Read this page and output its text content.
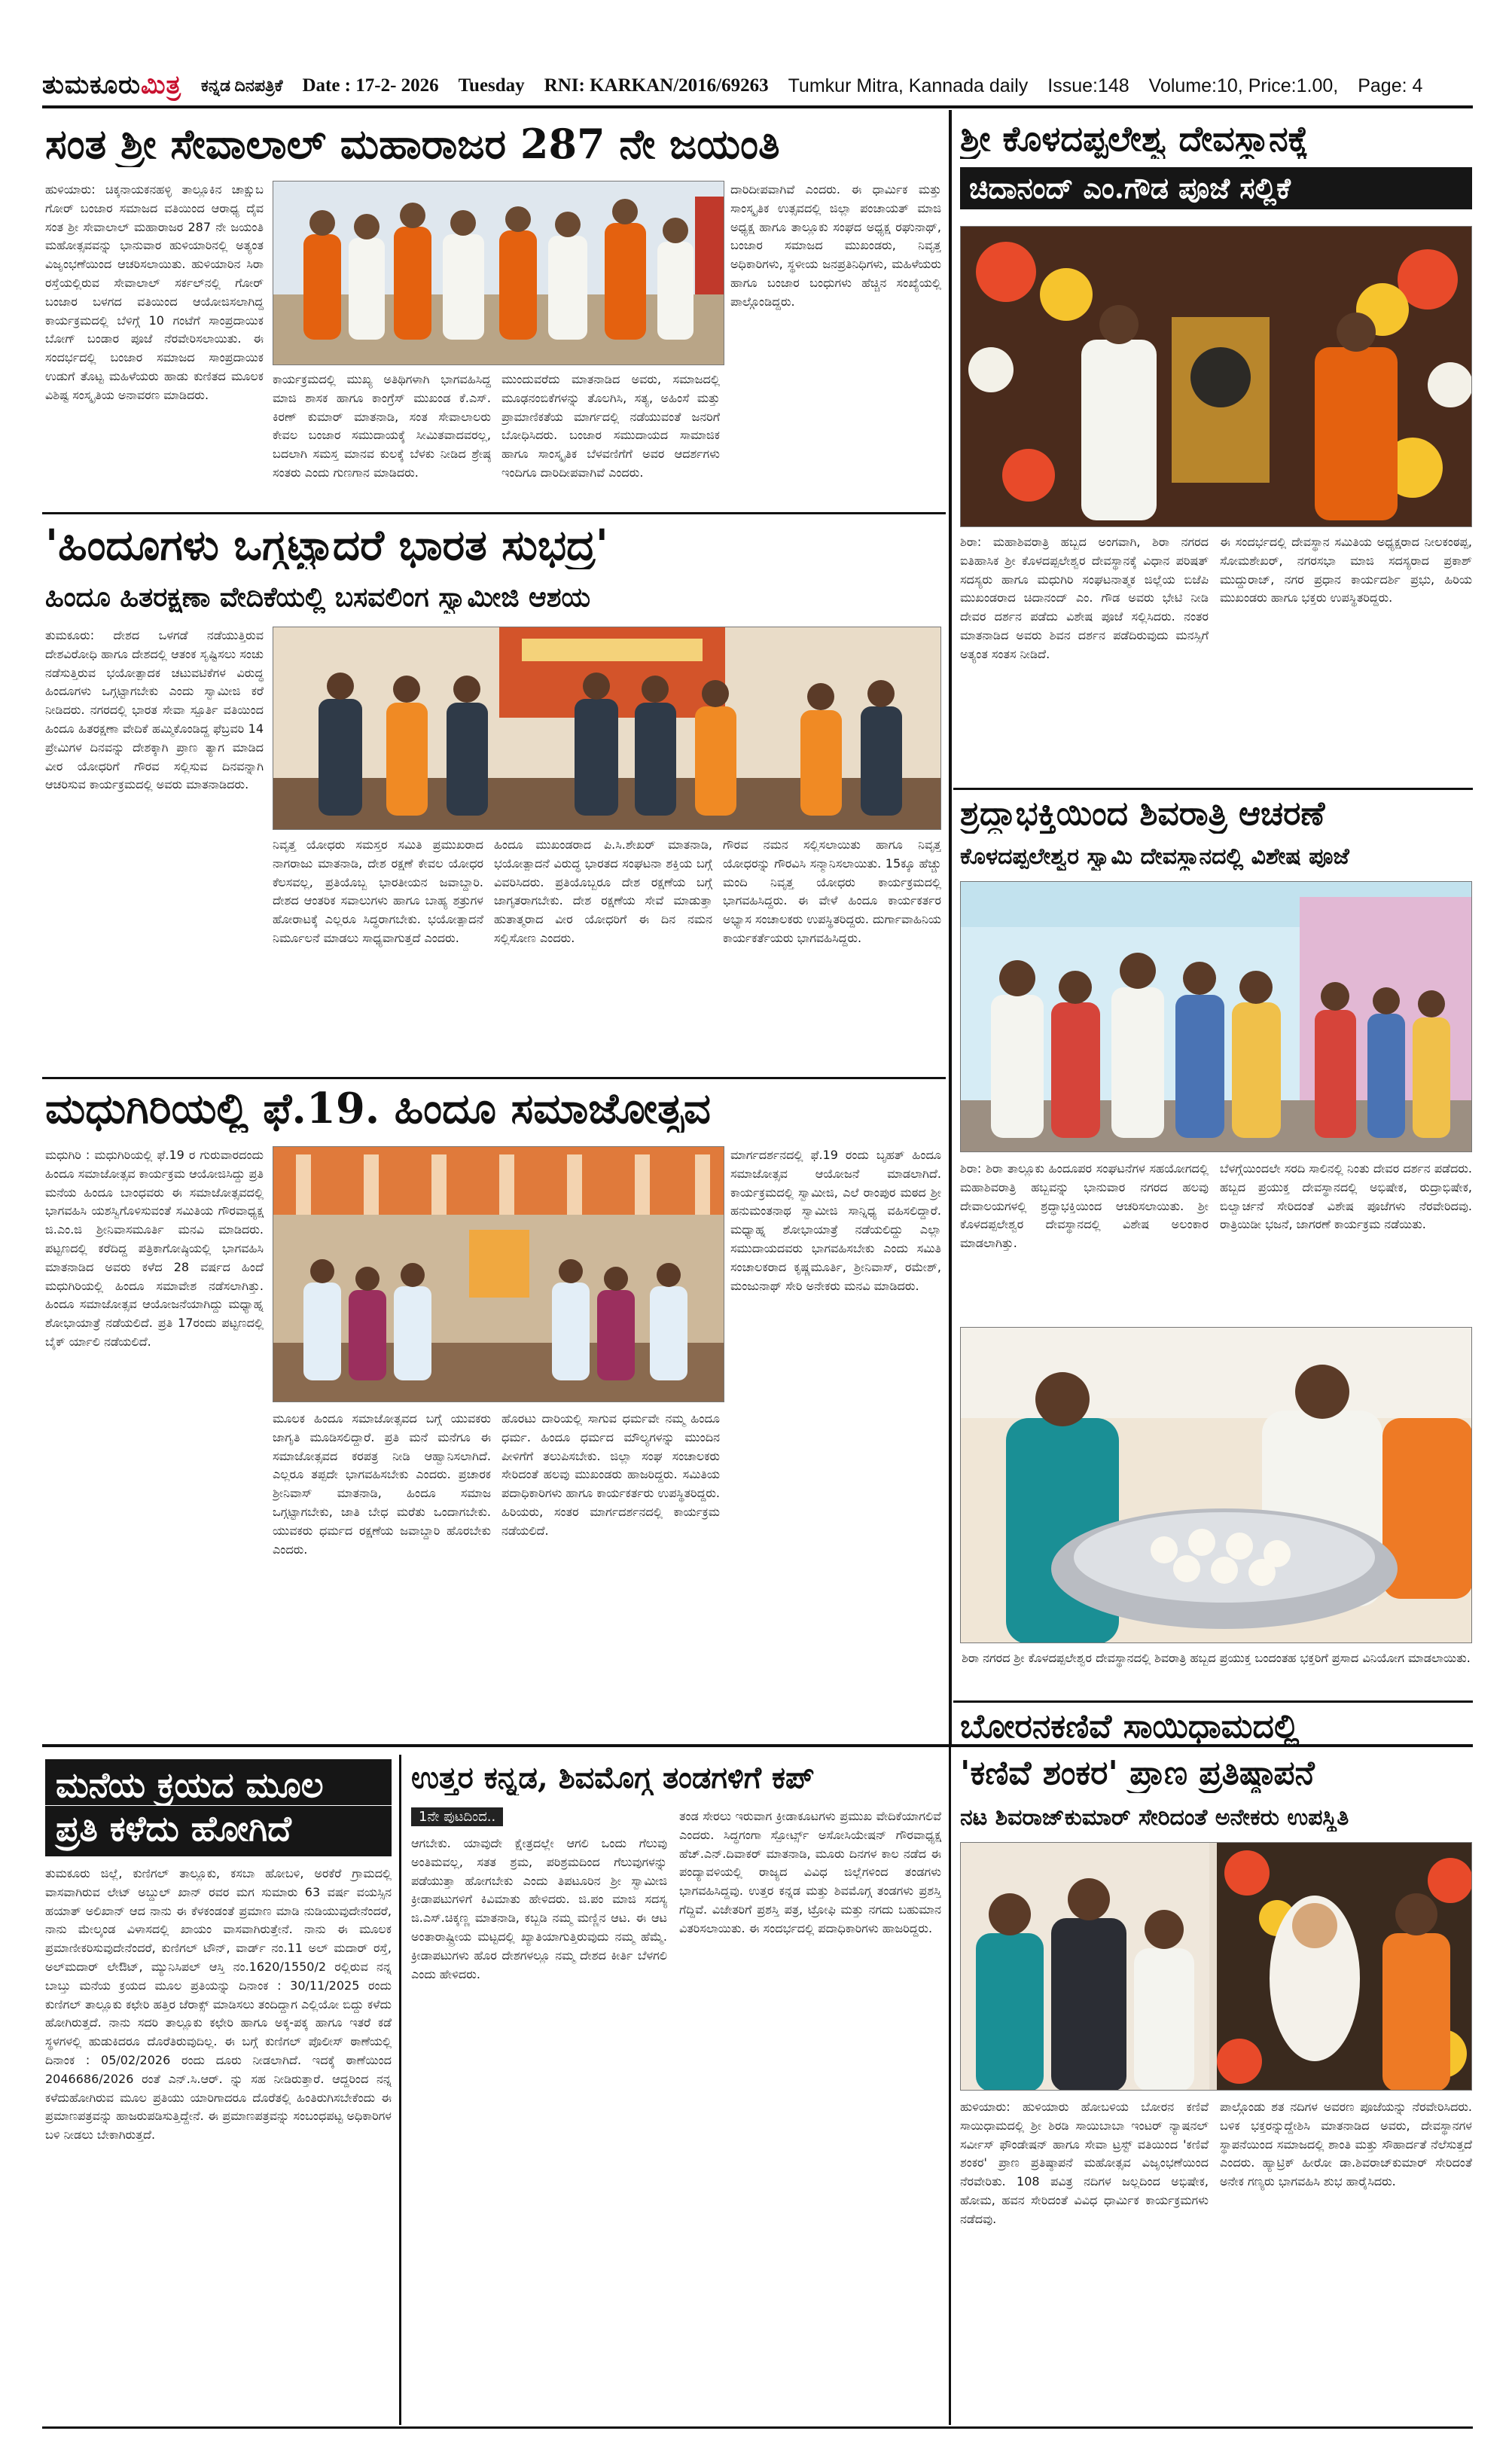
ತುಮಕೂರುಮಿತ್ರ ಕನ್ನಡ ದಿನಪತ್ರಿಕೆ Date : 17-2- 2026 Tuesday RNI: KARKAN/2016/69263 Tumkur Mitra, Kannada daily Issue:148 Volume:10, Price:1.00, Page: 4
ಸಂತ ಶ್ರೀ ಸೇವಾಲಾಲ್ ಮಹಾರಾಜರ 287 ನೇ ಜಯಂತಿ
ಹುಳಿಯಾರು: ಚಿಕ್ಕನಾಯಕನಹಳ್ಳಿ ತಾಲ್ಲೂಕಿನ ಚಾಕ್ಷುಬ ಗೋರ್ ಬಂಜಾರ ಸಮಾಜದ ವತಿಯಿಂದ ಆರಾಧ್ಯ ದೈವ ಸಂತ ಶ್ರೀ ಸೇವಾಲಾಲ್ ಮಹಾರಾಜರ 287 ನೇ ಜಯಂತಿ ಮಹೋತ್ಸವವನ್ನು ಭಾನುವಾರ ಹುಳಿಯಾರಿನಲ್ಲಿ ಅತ್ಯಂತ ವಿಜೃಂಭಣೆಯಿಂದ ಆಚರಿಸಲಾಯಿತು. ಹುಳಿಯಾರಿನ ಸಿರಾ ರಸ್ತೆಯಲ್ಲಿರುವ ಸೇವಾಲಾಲ್ ಸರ್ಕಲ್‌ನಲ್ಲಿ ಗೋರ್ ಬಂಜಾರ ಬಳಗದ ವತಿಯಿಂದ ಆಯೋಜಿಸಲಾಗಿದ್ದ ಕಾರ್ಯಕ್ರಮದಲ್ಲಿ ಬೆಳಿಗ್ಗೆ 10 ಗಂಟೆಗೆ ಸಾಂಪ್ರದಾಯಿಕ ಬೋಗ್ ಬಂಡಾರ ಪೂಜೆ ನೆರವೇರಿಸಲಾಯಿತು. ಈ ಸಂದರ್ಭದಲ್ಲಿ ಬಂಜಾರ ಸಮಾಜದ ಸಾಂಪ್ರದಾಯಿಕ ಉಡುಗೆ ತೊಟ್ಟ ಮಹಿಳೆಯರು ಹಾಡು ಕುಣಿತದ ಮೂಲಕ ವಿಶಿಷ್ಟ ಸಂಸ್ಕೃತಿಯ ಅನಾವರಣ ಮಾಡಿದರು.
ಕಾರ್ಯಕ್ರಮದಲ್ಲಿ ಮುಖ್ಯ ಅತಿಥಿಗಳಾಗಿ ಭಾಗವಹಿಸಿದ್ದ ಮಾಜಿ ಶಾಸಕ ಹಾಗೂ ಕಾಂಗ್ರೆಸ್ ಮುಖಂಡ ಕೆ.ಎಸ್. ಕಿರಣ್ ಕುಮಾರ್ ಮಾತನಾಡಿ, ಸಂತ ಸೇವಾಲಾಲರು ಕೇವಲ ಬಂಜಾರ ಸಮುದಾಯಕ್ಕೆ ಸೀಮಿತವಾದವರಲ್ಲ, ಬದಲಾಗಿ ಸಮಸ್ತ ಮಾನವ ಕುಲಕ್ಕೆ ಬೆಳಕು ನೀಡಿದ ಶ್ರೇಷ್ಠ ಸಂತರು ಎಂದು ಗುಣಗಾನ ಮಾಡಿದರು.
ಮುಂದುವರೆದು ಮಾತನಾಡಿದ ಅವರು, ಸಮಾಜದಲ್ಲಿ ಮೂಢನಂಬಿಕೆಗಳನ್ನು ತೊಲಗಿಸಿ, ಸತ್ಯ, ಅಹಿಂಸೆ ಮತ್ತು ಪ್ರಾಮಾಣಿಕತೆಯ ಮಾರ್ಗದಲ್ಲಿ ನಡೆಯುವಂತೆ ಜನರಿಗೆ ಬೋಧಿಸಿದರು. ಬಂಜಾರ ಸಮುದಾಯದ ಸಾಮಾಜಿಕ ಹಾಗೂ ಸಾಂಸ್ಕೃತಿಕ ಬೆಳವಣಿಗೆಗೆ ಅವರ ಆದರ್ಶಗಳು ಇಂದಿಗೂ ದಾರಿದೀಪವಾಗಿವೆ ಎಂದರು.
ದಾರಿದೀಪವಾಗಿವೆ ಎಂದರು. ಈ ಧಾರ್ಮಿಕ ಮತ್ತು ಸಾಂಸ್ಕೃತಿಕ ಉತ್ಸವದಲ್ಲಿ ಜಿಲ್ಲಾ ಪಂಚಾಯತ್ ಮಾಜಿ ಅಧ್ಯಕ್ಷ ಹಾಗೂ ತಾಲ್ಲೂಕು ಸಂಘದ ಅಧ್ಯಕ್ಷ ರಘುನಾಥ್, ಬಂಜಾರ ಸಮಾಜದ ಮುಖಂಡರು, ನಿವೃತ್ತ ಅಧಿಕಾರಿಗಳು, ಸ್ಥಳೀಯ ಜನಪ್ರತಿನಿಧಿಗಳು, ಮಹಿಳೆಯರು ಹಾಗೂ ಬಂಜಾರ ಬಂಧುಗಳು ಹೆಚ್ಚಿನ ಸಂಖ್ಯೆಯಲ್ಲಿ ಪಾಲ್ಗೊಂಡಿದ್ದರು.
'ಹಿಂದೂಗಳು ಒಗ್ಗಟ್ಟಾದರೆ ಭಾರತ ಸುಭದ್ರ'
ಹಿಂದೂ ಹಿತರಕ್ಷಣಾ ವೇದಿಕೆಯಲ್ಲಿ ಬಸವಲಿಂಗ ಸ್ವಾಮೀಜಿ ಆಶಯ
ತುಮಕೂರು: ದೇಶದ ಒಳಗಡೆ ನಡೆಯುತ್ತಿರುವ ದೇಶವಿರೋಧಿ ಹಾಗೂ ದೇಶದಲ್ಲಿ ಆತಂಕ ಸೃಷ್ಟಿಸಲು ಸಂಚು ನಡೆಸುತ್ತಿರುವ ಭಯೋತ್ಪಾದಕ ಚಟುವಟಿಕೆಗಳ ವಿರುದ್ಧ ಹಿಂದೂಗಳು ಒಗ್ಗಟ್ಟಾಗಬೇಕು ಎಂದು ಸ್ವಾಮೀಜಿ ಕರೆ ನೀಡಿದರು. ನಗರದಲ್ಲಿ ಭಾರತ ಸೇವಾ ಸ್ಪೂರ್ತಿ ವತಿಯಿಂದ ಹಿಂದೂ ಹಿತರಕ್ಷಣಾ ವೇದಿಕೆ ಹಮ್ಮಿಕೊಂಡಿದ್ದ ಫೆಬ್ರವರಿ 14 ಪ್ರೇಮಿಗಳ ದಿನವನ್ನು ದೇಶಕ್ಕಾಗಿ ಪ್ರಾಣ ತ್ಯಾಗ ಮಾಡಿದ ವೀರ ಯೋಧರಿಗೆ ಗೌರವ ಸಲ್ಲಿಸುವ ದಿನವನ್ನಾಗಿ ಆಚರಿಸುವ ಕಾರ್ಯಕ್ರಮದಲ್ಲಿ ಅವರು ಮಾತನಾಡಿದರು.
ನಿವೃತ್ತ ಯೋಧರು ಸಮಸ್ತರ ಸಮಿತಿ ಪ್ರಮುಖರಾದ ನಾಗರಾಜು ಮಾತನಾಡಿ, ದೇಶ ರಕ್ಷಣೆ ಕೇವಲ ಯೋಧರ ಕೆಲಸವಲ್ಲ, ಪ್ರತಿಯೊಬ್ಬ ಭಾರತೀಯನ ಜವಾಬ್ದಾರಿ. ದೇಶದ ಆಂತರಿಕ ಸವಾಲುಗಳು ಹಾಗೂ ಬಾಹ್ಯ ಶತ್ರುಗಳ ಹೋರಾಟಕ್ಕೆ ಎಲ್ಲರೂ ಸಿದ್ಧರಾಗಬೇಕು. ಭಯೋತ್ಪಾದನೆ ನಿರ್ಮೂಲನೆ ಮಾಡಲು ಸಾಧ್ಯವಾಗುತ್ತದೆ ಎಂದರು.
ಹಿಂದೂ ಮುಖಂಡರಾದ ಪಿ.ಸಿ.ಶೇಖರ್ ಮಾತನಾಡಿ, ಭಯೋತ್ಪಾದನೆ ವಿರುದ್ಧ ಭಾರತದ ಸಂಘಟನಾ ಶಕ್ತಿಯ ಬಗ್ಗೆ ವಿವರಿಸಿದರು. ಪ್ರತಿಯೊಬ್ಬರೂ ದೇಶ ರಕ್ಷಣೆಯ ಬಗ್ಗೆ ಜಾಗೃತರಾಗಬೇಕು. ದೇಶ ರಕ್ಷಣೆಯ ಸೇವೆ ಮಾಡುತ್ತಾ ಹುತಾತ್ಮರಾದ ವೀರ ಯೋಧರಿಗೆ ಈ ದಿನ ನಮನ ಸಲ್ಲಿಸೋಣ ಎಂದರು.
ಗೌರವ ನಮನ ಸಲ್ಲಿಸಲಾಯಿತು ಹಾಗೂ ನಿವೃತ್ತ ಯೋಧರನ್ನು ಗೌರವಿಸಿ ಸನ್ಮಾನಿಸಲಾಯಿತು. 15ಕ್ಕೂ ಹೆಚ್ಚು ಮಂದಿ ನಿವೃತ್ತ ಯೋಧರು ಕಾರ್ಯಕ್ರಮದಲ್ಲಿ ಭಾಗವಹಿಸಿದ್ದರು. ಈ ವೇಳೆ ಹಿಂದೂ ಕಾರ್ಯಕರ್ತರ ಅಭ್ಯಾಸ ಸಂಚಾಲಕರು ಉಪಸ್ಥಿತರಿದ್ದರು. ದುರ್ಗಾವಾಹಿನಿಯ ಕಾರ್ಯಕರ್ತೆಯರು ಭಾಗವಹಿಸಿದ್ದರು.
ಮಧುಗಿರಿಯಲ್ಲಿ ಫೆ.19. ಹಿಂದೂ ಸಮಾಜೋತ್ಸವ
ಮಧುಗಿರಿ : ಮಧುಗಿರಿಯಲ್ಲಿ ಫೆ.19 ರ ಗುರುವಾರದಂದು ಹಿಂದೂ ಸಮಾಜೋತ್ಸವ ಕಾರ್ಯಕ್ರಮ ಆಯೋಜಿಸಿದ್ದು ಪ್ರತಿ ಮನೆಯ ಹಿಂದೂ ಬಾಂಧವರು ಈ ಸಮಾಜೋತ್ಸವದಲ್ಲಿ ಭಾಗವಹಿಸಿ ಯಶಸ್ವಿಗೊಳಿಸುವಂತೆ ಸಮಿತಿಯ ಗೌರವಾಧ್ಯಕ್ಷ ಜಿ.ಎಂ.ಜಿ ಶ್ರೀನಿವಾಸಮೂರ್ತಿ ಮನವಿ ಮಾಡಿದರು. ಪಟ್ಟಣದಲ್ಲಿ ಕರೆದಿದ್ದ ಪತ್ರಿಕಾಗೋಷ್ಠಿಯಲ್ಲಿ ಭಾಗವಹಿಸಿ ಮಾತನಾಡಿದ ಅವರು ಕಳೆದ 28 ವರ್ಷದ ಹಿಂದೆ ಮಧುಗಿರಿಯಲ್ಲಿ ಹಿಂದೂ ಸಮಾವೇಶ ನಡೆಸಲಾಗಿತ್ತು. ಹಿಂದೂ ಸಮಾಜೋತ್ಸವ ಆಯೋಜನೆಯಾಗಿದ್ದು ಮಧ್ಯಾಹ್ನ ಶೋಭಾಯಾತ್ರೆ ನಡೆಯಲಿದೆ. ಪ್ರತಿ 17ರಂದು ಪಟ್ಟಣದಲ್ಲಿ ಬೈಕ್ ರ್ಯಾಲಿ ನಡೆಯಲಿದೆ.
ಮೂಲಕ ಹಿಂದೂ ಸಮಾಜೋತ್ಸವದ ಬಗ್ಗೆ ಯುವಕರು ಜಾಗೃತಿ ಮೂಡಿಸಲಿದ್ದಾರೆ. ಪ್ರತಿ ಮನೆ ಮನೆಗೂ ಈ ಸಮಾಜೋತ್ಸವದ ಕರಪತ್ರ ನೀಡಿ ಆಹ್ವಾನಿಸಲಾಗಿದೆ. ಎಲ್ಲರೂ ತಪ್ಪದೇ ಭಾಗವಹಿಸಬೇಕು ಎಂದರು. ಪ್ರಚಾರಕ ಶ್ರೀನಿವಾಸ್ ಮಾತನಾಡಿ, ಹಿಂದೂ ಸಮಾಜ ಒಗ್ಗಟ್ಟಾಗಬೇಕು, ಜಾತಿ ಬೇಧ ಮರೆತು ಒಂದಾಗಬೇಕು. ಯುವಕರು ಧರ್ಮದ ರಕ್ಷಣೆಯ ಜವಾಬ್ದಾರಿ ಹೊರಬೇಕು ಎಂದರು.
ಹೊರಟು ದಾರಿಯಲ್ಲಿ ಸಾಗುವ ಧರ್ಮವೇ ನಮ್ಮ ಹಿಂದೂ ಧರ್ಮ. ಹಿಂದೂ ಧರ್ಮದ ಮೌಲ್ಯಗಳನ್ನು ಮುಂದಿನ ಪೀಳಿಗೆಗೆ ತಲುಪಿಸಬೇಕು. ಜಿಲ್ಲಾ ಸಂಘ ಸಂಚಾಲಕರು ಸೇರಿದಂತೆ ಹಲವು ಮುಖಂಡರು ಹಾಜರಿದ್ದರು. ಸಮಿತಿಯ ಪದಾಧಿಕಾರಿಗಳು ಹಾಗೂ ಕಾರ್ಯಕರ್ತರು ಉಪಸ್ಥಿತರಿದ್ದರು. ಹಿರಿಯರು, ಸಂತರ ಮಾರ್ಗದರ್ಶನದಲ್ಲಿ ಕಾರ್ಯಕ್ರಮ ನಡೆಯಲಿದೆ.
ಮಾರ್ಗದರ್ಶನದಲ್ಲಿ ಫೆ.19 ರಂದು ಬೃಹತ್ ಹಿಂದೂ ಸಮಾಜೋತ್ಸವ ಆಯೋಜನೆ ಮಾಡಲಾಗಿದೆ. ಕಾರ್ಯಕ್ರಮದಲ್ಲಿ ಸ್ವಾಮೀಜಿ, ಎಲೆ ರಾಂಪುರ ಮಠದ ಶ್ರೀ ಹನುಮಂತನಾಥ ಸ್ವಾಮೀಜಿ ಸಾನ್ನಿಧ್ಯ ವಹಿಸಲಿದ್ದಾರೆ. ಮಧ್ಯಾಹ್ನ ಶೋಭಾಯಾತ್ರೆ ನಡೆಯಲಿದ್ದು ಎಲ್ಲಾ ಸಮುದಾಯದವರು ಭಾಗವಹಿಸಬೇಕು ಎಂದು ಸಮಿತಿ ಸಂಚಾಲಕರಾದ ಕೃಷ್ಣಮೂರ್ತಿ, ಶ್ರೀನಿವಾಸ್, ರಮೇಶ್, ಮಂಜುನಾಥ್ ಸೇರಿ ಅನೇಕರು ಮನವಿ ಮಾಡಿದರು.
ಶ್ರೀ ಕೊಳದಪ್ಪಲೇಶ್ವ ದೇವಸ್ಥಾನಕ್ಕೆ
ಚಿದಾನಂದ್ ಎಂ.ಗೌಡ ಪೂಜೆ ಸಲ್ಲಿಕೆ
ಶಿರಾ: ಮಹಾಶಿವರಾತ್ರಿ ಹಬ್ಬದ ಅಂಗವಾಗಿ, ಶಿರಾ ನಗರದ ಐತಿಹಾಸಿಕ ಶ್ರೀ ಕೊಳದಪ್ಪಲೇಶ್ವರ ದೇವಸ್ಥಾನಕ್ಕೆ ವಿಧಾನ ಪರಿಷತ್ ಸದಸ್ಯರು ಹಾಗೂ ಮಧುಗಿರಿ ಸಂಘಟನಾತ್ಮಕ ಜಿಲ್ಲೆಯ ಬಿಜೆಪಿ ಮುಖಂಡರಾದ ಚಿದಾನಂದ್ ಎಂ. ಗೌಡ ಅವರು ಭೇಟಿ ನೀಡಿ ದೇವರ ದರ್ಶನ ಪಡೆದು ವಿಶೇಷ ಪೂಜೆ ಸಲ್ಲಿಸಿದರು. ನಂತರ ಮಾತನಾಡಿದ ಅವರು ಶಿವನ ದರ್ಶನ ಪಡೆದಿರುವುದು ಮನಸ್ಸಿಗೆ ಅತ್ಯಂತ ಸಂತಸ ನೀಡಿದೆ.
ಈ ಸಂದರ್ಭದಲ್ಲಿ ದೇವಸ್ಥಾನ ಸಮಿತಿಯ ಅಧ್ಯಕ್ಷರಾದ ನೀಲಕಂಠಪ್ಪ, ಸೋಮಶೇಖರ್, ನಗರಸಭಾ ಮಾಜಿ ಸದಸ್ಯರಾದ ಪ್ರಕಾಶ್ ಮುದ್ದುರಾಜ್, ನಗರ ಪ್ರಧಾನ ಕಾರ್ಯದರ್ಶಿ ಪ್ರಭು, ಹಿರಿಯ ಮುಖಂಡರು ಹಾಗೂ ಭಕ್ತರು ಉಪಸ್ಥಿತರಿದ್ದರು.
ಶ್ರದ್ಧಾಭಕ್ತಿಯಿಂದ ಶಿವರಾತ್ರಿ ಆಚರಣೆ
ಕೊಳದಪ್ಪಲೇಶ್ವರ ಸ್ವಾಮಿ ದೇವಸ್ಥಾನದಲ್ಲಿ ವಿಶೇಷ ಪೂಜೆ
ಶಿರಾ: ಶಿರಾ ತಾಲ್ಲೂಕು ಹಿಂದೂಪರ ಸಂಘಟನೆಗಳ ಸಹಯೋಗದಲ್ಲಿ ಮಹಾಶಿವರಾತ್ರಿ ಹಬ್ಬವನ್ನು ಭಾನುವಾರ ನಗರದ ಹಲವು ದೇವಾಲಯಗಳಲ್ಲಿ ಶ್ರದ್ಧಾಭಕ್ತಿಯಿಂದ ಆಚರಿಸಲಾಯಿತು. ಶ್ರೀ ಕೊಳದಪ್ಪಲೇಶ್ವರ ದೇವಸ್ಥಾನದಲ್ಲಿ ವಿಶೇಷ ಅಲಂಕಾರ ಮಾಡಲಾಗಿತ್ತು.
ಬೆಳಗ್ಗೆಯಿಂದಲೇ ಸರದಿ ಸಾಲಿನಲ್ಲಿ ನಿಂತು ದೇವರ ದರ್ಶನ ಪಡೆದರು. ಹಬ್ಬದ ಪ್ರಯುಕ್ತ ದೇವಸ್ಥಾನದಲ್ಲಿ ಅಭಿಷೇಕ, ರುದ್ರಾಭಿಷೇಕ, ಬಿಲ್ವಾರ್ಚನೆ ಸೇರಿದಂತೆ ವಿಶೇಷ ಪೂಜೆಗಳು ನೆರವೇರಿದವು. ರಾತ್ರಿಯಿಡೀ ಭಜನೆ, ಜಾಗರಣೆ ಕಾರ್ಯಕ್ರಮ ನಡೆಯಿತು.
ಶಿರಾ ನಗರದ ಶ್ರೀ ಕೊಳದಪ್ಪಲೇಶ್ವರ ದೇವಸ್ಥಾನದಲ್ಲಿ ಶಿವರಾತ್ರಿ ಹಬ್ಬದ ಪ್ರಯುಕ್ತ ಬಂದಂತಹ ಭಕ್ತರಿಗೆ ಪ್ರಸಾದ ವಿನಿಯೋಗ ಮಾಡಲಾಯಿತು.
ಮನೆಯ ಕ್ರಯದ ಮೂಲ
ಪ್ರತಿ ಕಳೆದು ಹೋಗಿದೆ
ತುಮಕೂರು ಜಿಲ್ಲೆ, ಕುಣಿಗಲ್ ತಾಲ್ಲೂಕು, ಕಸಬಾ ಹೋಬಳಿ, ಅರಕೆರೆ ಗ್ರಾಮದಲ್ಲಿ ವಾಸವಾಗಿರುವ ಲೇಟ್ ಅಬ್ದುಲ್ ಖಾನ್ ರವರ ಮಗ ಸುಮಾರು 63 ವರ್ಷ ವಯಸ್ಸಿನ ಹಯಾತ್ ಅಲಿಖಾನ್ ಆದ ನಾನು ಈ ಕೆಳಕಂಡಂತೆ ಪ್ರಮಾಣ ಮಾಡಿ ನುಡಿಯುವುದೇನೆಂದರೆ, ನಾನು ಮೇಲ್ಕಂಡ ವಿಳಾಸದಲ್ಲಿ ಖಾಯಂ ವಾಸವಾಗಿರುತ್ತೇನೆ. ನಾನು ಈ ಮೂಲಕ ಪ್ರಮಾಣೀಕರಿಸುವುದೇನೆಂದರೆ, ಕುಣಿಗಲ್ ಟೌನ್, ವಾರ್ಡ್ ನಂ.11 ಅಲ್ ಮದಾರ್ ರಸ್ತೆ, ಅಲ್‌ಮದಾರ್ ಲೇಔಟ್, ಮ್ಯುನಿಸಿಪಲ್ ಆಸ್ತಿ ನಂ.1620/1550/2 ರಲ್ಲಿರುವ ನನ್ನ ಬಾಬ್ತು ಮನೆಯ ಕ್ರಯದ ಮೂಲ ಪ್ರತಿಯನ್ನು ದಿನಾಂಕ : 30/11/2025 ರಂದು ಕುಣಿಗಲ್ ತಾಲ್ಲೂಕು ಕಛೇರಿ ಹತ್ತಿರ ಜೆರಾಕ್ಸ್ ಮಾಡಿಸಲು ತಂದಿದ್ದಾಗ ಎಲ್ಲಿಯೋ ಬಿದ್ದು ಕಳೆದು ಹೋಗಿರುತ್ತದೆ. ನಾನು ಸದರಿ ತಾಲ್ಲೂಕು ಕಛೇರಿ ಹಾಗೂ ಅಕ್ಕ-ಪಕ್ಕ ಹಾಗೂ ಇತರೆ ಕಡೆ ಸ್ಥಳಗಳಲ್ಲಿ ಹುಡುಕಿದರೂ ದೊರೆತಿರುವುದಿಲ್ಲ. ಈ ಬಗ್ಗೆ ಕುಣಿಗಲ್ ಪೊಲೀಸ್ ಠಾಣೆಯಲ್ಲಿ ದಿನಾಂಕ : 05/02/2026 ರಂದು ದೂರು ನೀಡಲಾಗಿದೆ. ಇದಕ್ಕೆ ಠಾಣೆಯಿಂದ 2046686/2026 ರಂತೆ ಎನ್.ಸಿ.ಆರ್. ನ್ನು ಸಹ ನೀಡಿರುತ್ತಾರೆ. ಆದ್ದರಿಂದ ನನ್ನ ಕಳೆದುಹೋಗಿರುವ ಮೂಲ ಪ್ರತಿಯು ಯಾರಿಗಾದರೂ ದೊರೆತಲ್ಲಿ ಹಿಂತಿರುಗಿಸಬೇಕೆಂದು ಈ ಪ್ರಮಾಣಪತ್ರವನ್ನು ಹಾಜರುಪಡಿಸುತ್ತಿದ್ದೇನೆ. ಈ ಪ್ರಮಾಣಪತ್ರವನ್ನು ಸಂಬಂಧಪಟ್ಟ ಅಧಿಕಾರಿಗಳ ಬಳಿ ನೀಡಲು ಬೇಕಾಗಿರುತ್ತದೆ.
ಉತ್ತರ ಕನ್ನಡ, ಶಿವಮೊಗ್ಗ ತಂಡಗಳಿಗೆ ಕಪ್
1ನೇ ಪುಟದಿಂದ..
ಆಗಬೇಕು. ಯಾವುದೇ ಕ್ಷೇತ್ರದಲ್ಲೇ ಆಗಲಿ ಒಂದು ಗೆಲುವು ಅಂತಿಮವಲ್ಲ, ಸತತ ಶ್ರಮ, ಪರಿಶ್ರಮದಿಂದ ಗೆಲುವುಗಳನ್ನು ಪಡೆಯುತ್ತಾ ಹೋಗಬೇಕು ಎಂದು ತಿಪಟೂರಿನ ಶ್ರೀ ಸ್ವಾಮೀಜಿ ಕ್ರೀಡಾಪಟುಗಳಿಗೆ ಕಿವಿಮಾತು ಹೇಳಿದರು. ಜಿ.ಪಂ ಮಾಜಿ ಸದಸ್ಯ ಜಿ.ಎಸ್.ಚಿಕ್ಕಣ್ಣ ಮಾತನಾಡಿ, ಕಬ್ಬಡಿ ನಮ್ಮ ಮಣ್ಣಿನ ಆಟ. ಈ ಆಟ ಅಂತಾರಾಷ್ಟ್ರೀಯ ಮಟ್ಟದಲ್ಲಿ ಖ್ಯಾತಿಯಾಗುತ್ತಿರುವುದು ನಮ್ಮ ಹೆಮ್ಮೆ. ಕ್ರೀಡಾಪಟುಗಳು ಹೊರ ದೇಶಗಳಲ್ಲೂ ನಮ್ಮ ದೇಶದ ಕೀರ್ತಿ ಬೆಳಗಲಿ ಎಂದು ಹೇಳಿದರು.
ತಂಡ ಸೇರಲು ಇರುವಾಗ ಕ್ರೀಡಾಕೂಟಗಳು ಪ್ರಮುಖ ವೇದಿಕೆಯಾಗಲಿವೆ ಎಂದರು. ಸಿದ್ಧಗಂಗಾ ಸ್ಪೋರ್ಟ್ಸ್ ಅಸೋಸಿಯೇಷನ್ ಗೌರವಾಧ್ಯಕ್ಷ ಹೆಚ್.ಎನ್.ದಿವಾಕರ್ ಮಾತನಾಡಿ, ಮೂರು ದಿನಗಳ ಕಾಲ ನಡೆದ ಈ ಪಂದ್ಯಾವಳಿಯಲ್ಲಿ ರಾಜ್ಯದ ವಿವಿಧ ಜಿಲ್ಲೆಗಳಿಂದ ತಂಡಗಳು ಭಾಗವಹಿಸಿದ್ದವು. ಉತ್ತರ ಕನ್ನಡ ಮತ್ತು ಶಿವಮೊಗ್ಗ ತಂಡಗಳು ಪ್ರಶಸ್ತಿ ಗೆದ್ದಿವೆ. ವಿಜೇತರಿಗೆ ಪ್ರಶಸ್ತಿ ಪತ್ರ, ಟ್ರೋಫಿ ಮತ್ತು ನಗದು ಬಹುಮಾನ ವಿತರಿಸಲಾಯಿತು. ಈ ಸಂದರ್ಭದಲ್ಲಿ ಪದಾಧಿಕಾರಿಗಳು ಹಾಜರಿದ್ದರು.
ಬೋರನಕಣಿವೆ ಸಾಯಿಧಾಮದಲ್ಲಿ
'ಕಣಿವೆ ಶಂಕರ' ಪ್ರಾಣ ಪ್ರತಿಷ್ಠಾಪನೆ
ನಟ ಶಿವರಾಜ್‌ಕುಮಾರ್ ಸೇರಿದಂತೆ ಅನೇಕರು ಉಪಸ್ಥಿತಿ
ಹುಳಿಯಾರು: ಹುಳಿಯಾರು ಹೋಬಳಿಯ ಬೋರನ ಕಣಿವೆ ಸಾಯಿಧಾಮದಲ್ಲಿ ಶ್ರೀ ಶಿರಡಿ ಸಾಯಿಬಾಬಾ ಇಂಟರ್ ನ್ಯಾಷನಲ್ ಸರ್ವೀಸ್ ಫೌಂಡೇಷನ್ ಹಾಗೂ ಸೇವಾ ಟ್ರಸ್ಟ್ ವತಿಯಿಂದ 'ಕಣಿವೆ ಶಂಕರ' ಪ್ರಾಣ ಪ್ರತಿಷ್ಠಾಪನೆ ಮಹೋತ್ಸವ ವಿಜೃಂಭಣೆಯಿಂದ ನೆರವೇರಿತು. 108 ಪವಿತ್ರ ನದಿಗಳ ಜಲ್ಲದಿಂದ ಅಭಿಷೇಕ, ಹೋಮ, ಹವನ ಸೇರಿದಂತೆ ವಿವಿಧ ಧಾರ್ಮಿಕ ಕಾರ್ಯಕ್ರಮಗಳು ನಡೆದವು.
ಪಾಲ್ಗೊಂಡು ಶತ ನದಿಗಳ ಅವರಣ ಪೂಜೆಯನ್ನು ನೆರವೇರಿಸಿದರು. ಬಳಿಕ ಭಕ್ತರನ್ನುದ್ದೇಶಿಸಿ ಮಾತನಾಡಿದ ಅವರು, ದೇವಸ್ಥಾನಗಳ ಸ್ಥಾಪನೆಯಿಂದ ಸಮಾಜದಲ್ಲಿ ಶಾಂತಿ ಮತ್ತು ಸೌಹಾರ್ದತೆ ನೆಲೆಸುತ್ತದೆ ಎಂದರು. ಹ್ಯಾಟ್ರಿಕ್ ಹೀರೋ ಡಾ.ಶಿವರಾಜ್‌ಕುಮಾರ್ ಸೇರಿದಂತೆ ಅನೇಕ ಗಣ್ಯರು ಭಾಗವಹಿಸಿ ಶುಭ ಹಾರೈಸಿದರು.
